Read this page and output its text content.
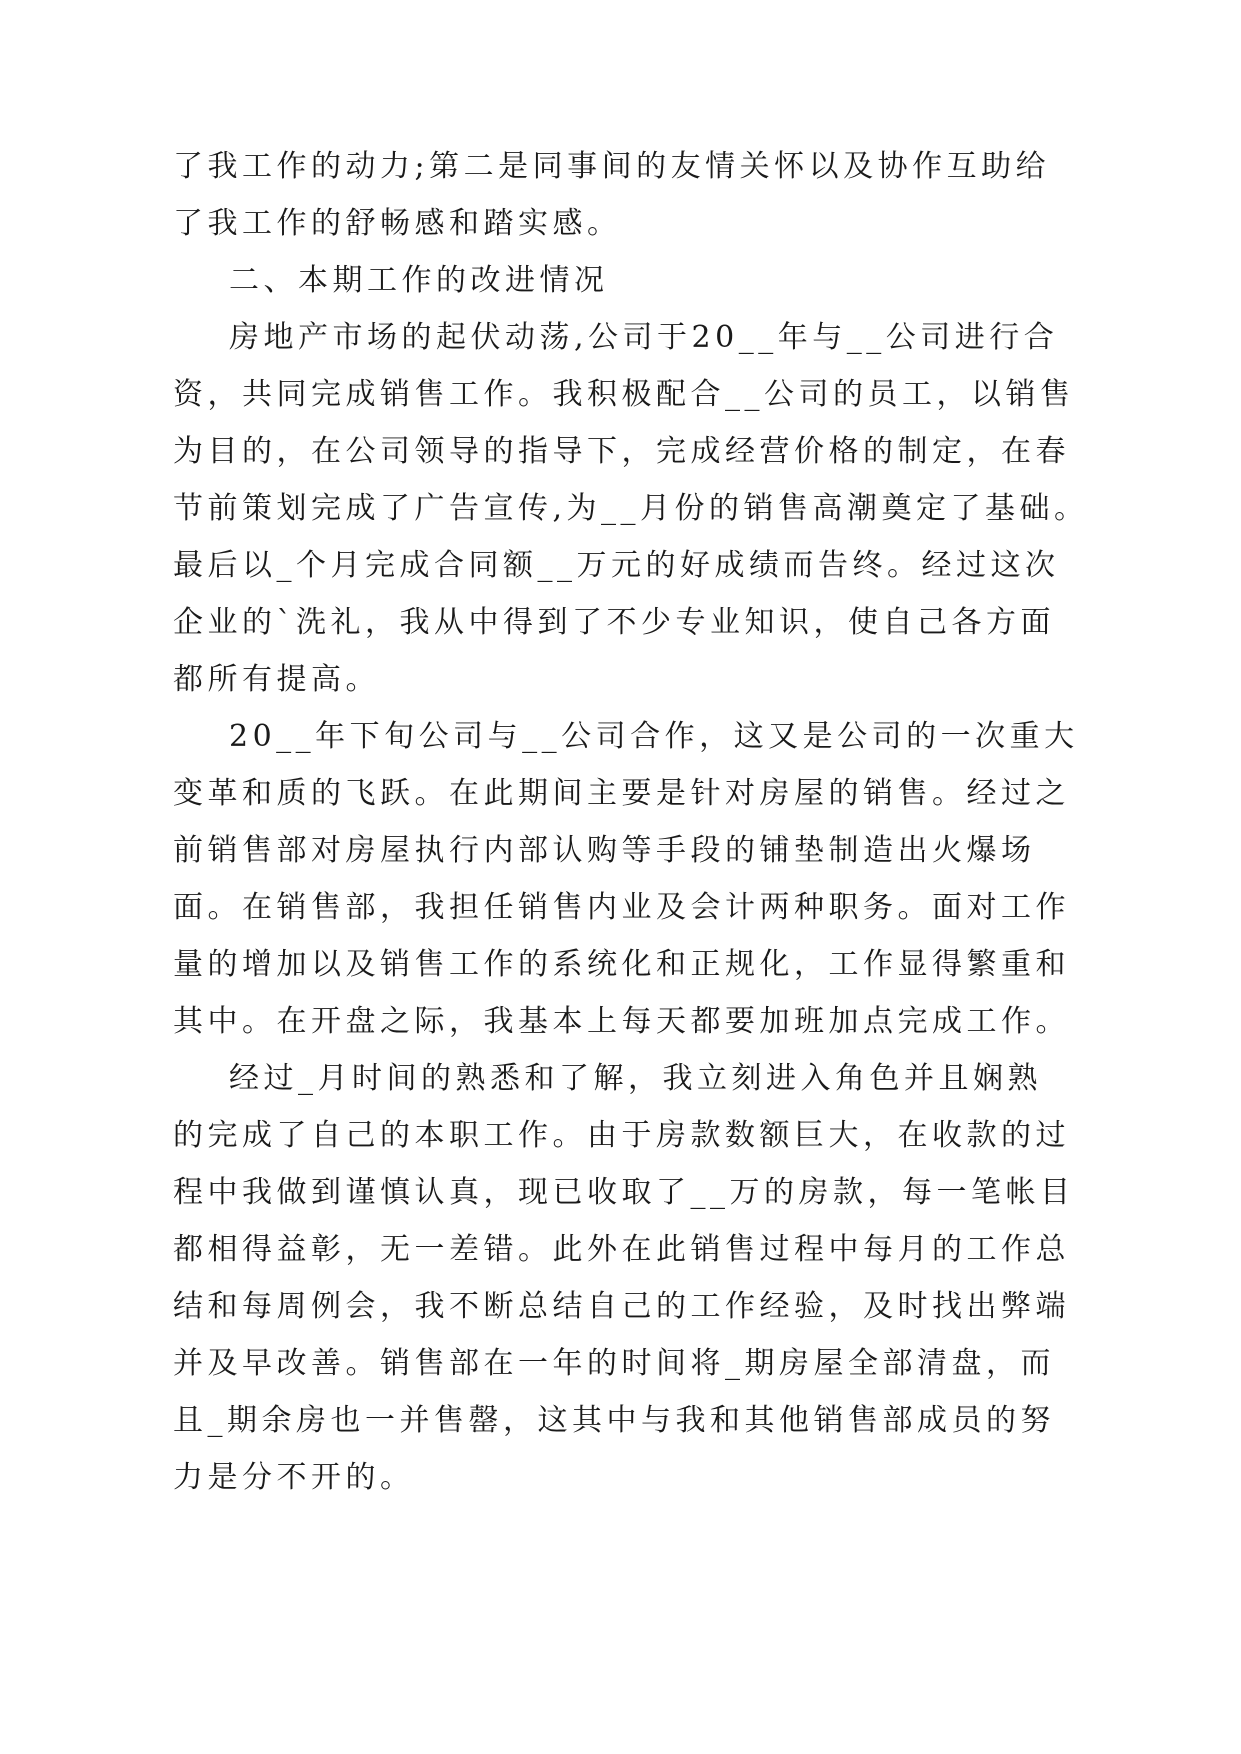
了我工作的动力;第二是同事间的友情关怀以及协作互助给
了我工作的舒畅感和踏实感。
二、本期工作的改进情况
房地产市场的起伏动荡,公司于20__年与__公司进行合
资，共同完成销售工作。我积极配合__公司的员工，以销售
为目的，在公司领导的指导下，完成经营价格的制定，在春
节前策划完成了广告宣传,为__月份的销售高潮奠定了基础。
最后以_个月完成合同额__万元的好成绩而告终。经过这次
企业的`洗礼，我从中得到了不少专业知识，使自己各方面
都所有提高。
20__年下旬公司与__公司合作，这又是公司的一次重大
变革和质的飞跃。在此期间主要是针对房屋的销售。经过之
前销售部对房屋执行内部认购等手段的铺垫制造出火爆场
面。在销售部，我担任销售内业及会计两种职务。面对工作
量的增加以及销售工作的系统化和正规化，工作显得繁重和
其中。在开盘之际，我基本上每天都要加班加点完成工作。
经过_月时间的熟悉和了解，我立刻进入角色并且娴熟
的完成了自己的本职工作。由于房款数额巨大，在收款的过
程中我做到谨慎认真，现已收取了__万的房款，每一笔帐目
都相得益彰，无一差错。此外在此销售过程中每月的工作总
结和每周例会，我不断总结自己的工作经验，及时找出弊端
并及早改善。销售部在一年的时间将_期房屋全部清盘，而
且_期余房也一并售罄，这其中与我和其他销售部成员的努
力是分不开的。
